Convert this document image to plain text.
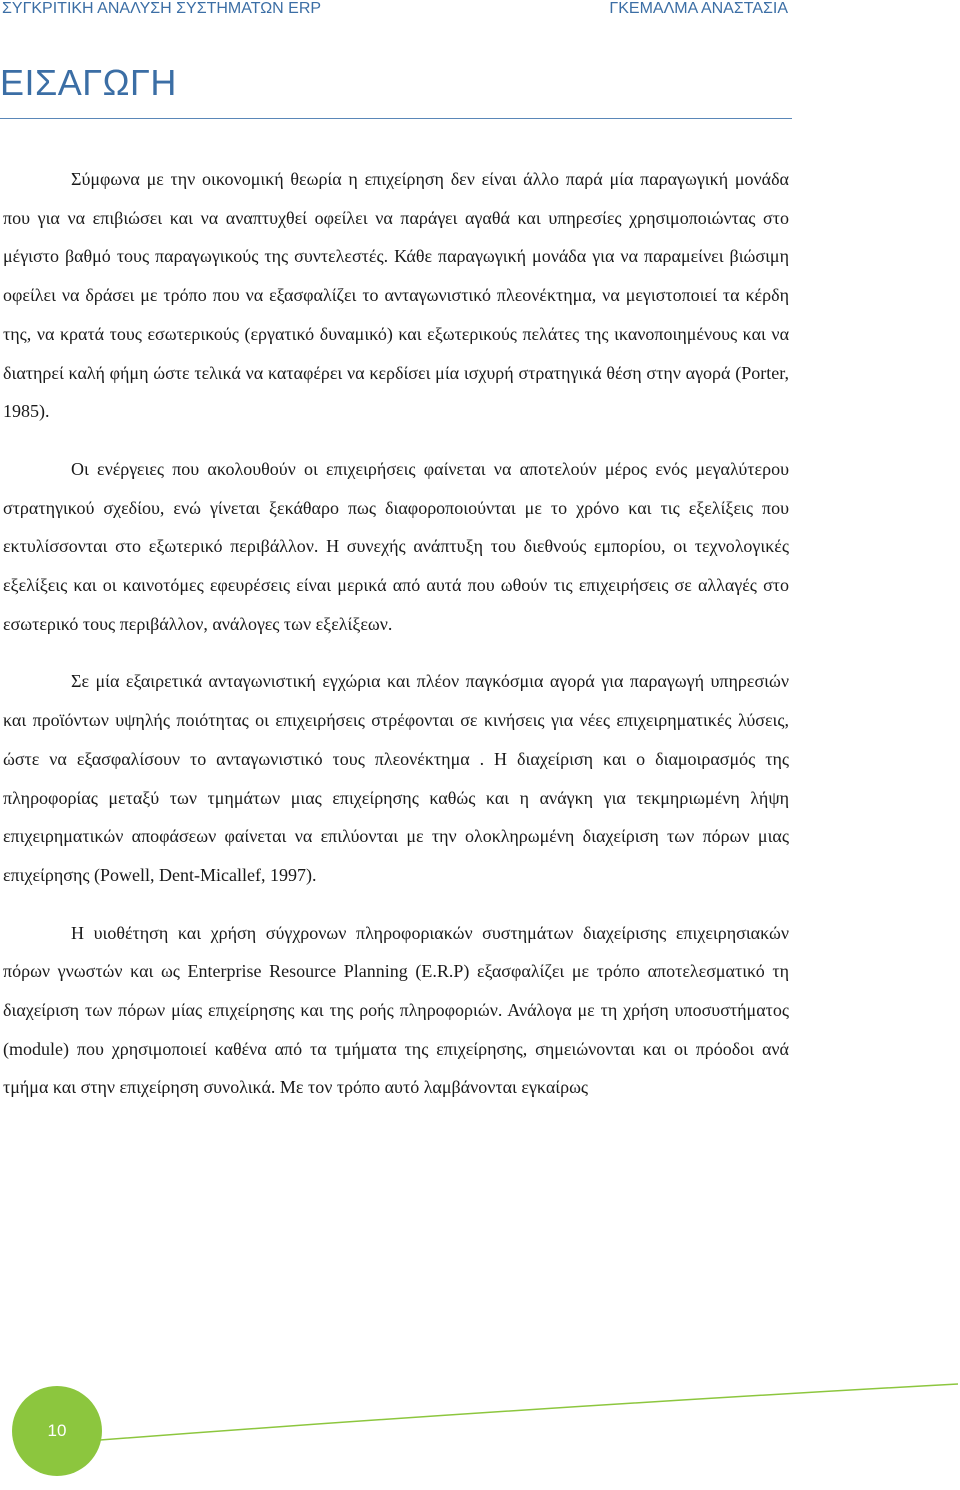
ΣΥΓΚΡΙΤΙΚΗ ΑΝΑΛΥΣΗ ΣΥΣΤΗΜΑΤΩΝ ERP	ΓΚΕΜΑΛΜΑ ΑΝΑΣΤΑΣΙΑ
ΕΙΣΑΓΩΓΗ

Σύμφωνα με την οικονομική θεωρία η επιχείρηση δεν είναι άλλο παρά μία παραγωγική μονάδα που για να επιβιώσει και να αναπτυχθεί οφείλει να παράγει αγαθά και υπηρεσίες χρησιμοποιώντας στο μέγιστο βαθμό τους παραγωγικούς της συντελεστές. Κάθε παραγωγική μονάδα για να παραμείνει βιώσιμη οφείλει να δράσει με τρόπο που να εξασφαλίζει το ανταγωνιστικό πλεονέκτημα, να μεγιστοποιεί τα κέρδη της, να κρατά τους εσωτερικούς (εργατικό δυναμικό) και εξωτερικούς πελάτες της ικανοποιημένους και να διατηρεί καλή φήμη ώστε τελικά να καταφέρει να κερδίσει μία ισχυρή στρατηγικά θέση στην αγορά (Porter, 1985).

Οι ενέργειες που ακολουθούν οι επιχειρήσεις φαίνεται να αποτελούν μέρος ενός μεγαλύτερου στρατηγικού σχεδίου, ενώ γίνεται ξεκάθαρο πως διαφοροποιούνται με το χρόνο και τις εξελίξεις που εκτυλίσσονται στο εξωτερικό περιβάλλον. Η συνεχής ανάπτυξη του διεθνούς εμπορίου, οι τεχνολογικές εξελίξεις και οι καινοτόμες εφευρέσεις είναι μερικά από αυτά που ωθούν τις επιχειρήσεις σε αλλαγές στο εσωτερικό τους περιβάλλον, ανάλογες των εξελίξεων.

Σε μία εξαιρετικά ανταγωνιστική εγχώρια και πλέον παγκόσμια αγορά για παραγωγή υπηρεσιών και προϊόντων υψηλής ποιότητας οι επιχειρήσεις στρέφονται σε κινήσεις για νέες επιχειρηματικές λύσεις, ώστε να εξασφαλίσουν το ανταγωνιστικό τους πλεονέκτημα . Η διαχείριση και ο διαμοιρασμός της πληροφορίας μεταξύ των τμημάτων μιας επιχείρησης καθώς και η ανάγκη για τεκμηριωμένη λήψη επιχειρηματικών αποφάσεων φαίνεται να επιλύονται με την ολοκληρωμένη διαχείριση των πόρων μιας επιχείρησης (Powell, Dent-Micallef, 1997).

Η υιοθέτηση και χρήση σύγχρονων πληροφοριακών συστημάτων διαχείρισης επιχειρησιακών πόρων γνωστών και ως Enterprise Resource Planning (E.R.P) εξασφαλίζει με τρόπο αποτελεσματικό τη διαχείριση των πόρων μίας επιχείρησης και της ροής πληροφοριών. Ανάλογα με τη χρήση υποσυστήματος (module) που χρησιμοποιεί καθένα από τα τμήματα της επιχείρησης, σημειώνονται και οι πρόοδοι ανά τμήμα και στην επιχείρηση συνολικά. Με τον τρόπο αυτό λαμβάνονται εγκαίρως

10
